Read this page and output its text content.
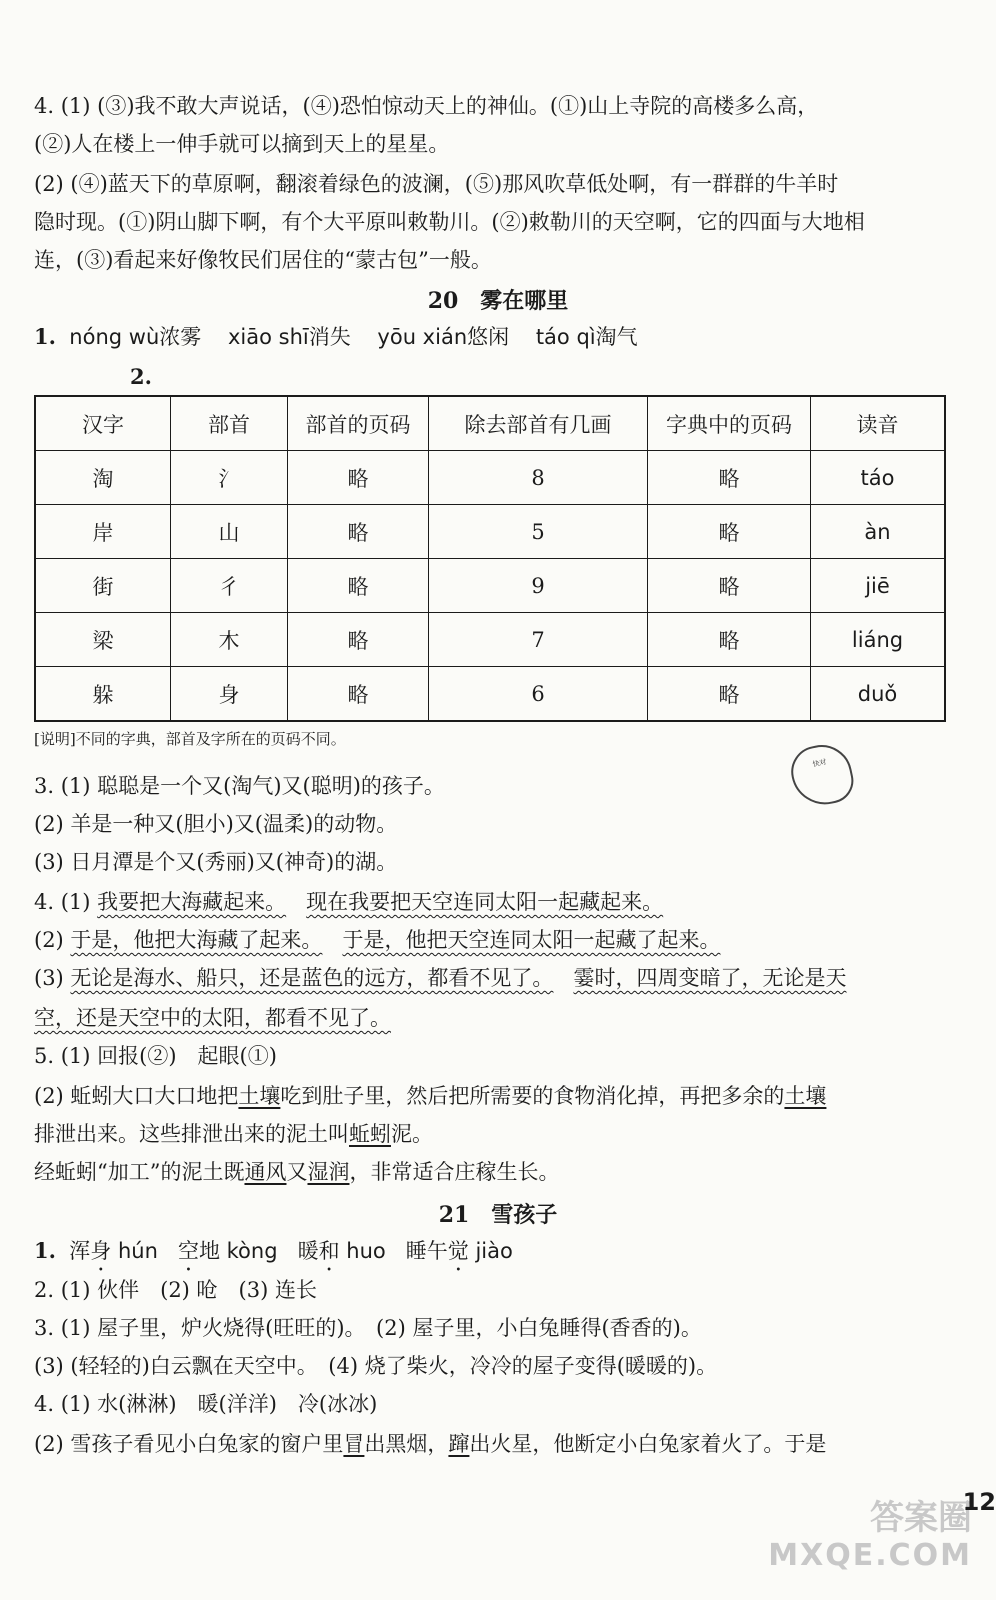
4. (1) (③)我不敢大声说话，(④)恐怕惊动天上的神仙。(①)山上寺院的高楼多么高，
(②)人在楼上一伸手就可以摘到天上的星星。
(2) (④)蓝天下的草原啊，翻滚着绿色的波澜，(⑤)那风吹草低处啊，有一群群的牛羊时
隐时现。(①)阴山脚下啊，有个大平原叫敕勒川。(②)敕勒川的天空啊，它的四面与大地相
连，(③)看起来好像牧民们居住的“蒙古包”一般。
20　雾在哪里
1. nóng wù浓雾 xiāo shī消失 yōu xián悠闲 táo qì淘气
2.
汉字	部首	部首的页码	除去部首有几画	字典中的页码	读音
淘	氵	略	8	略	táo
岸	山	略	5	略	àn
街	彳	略	9	略	jiē
梁	木	略	7	略	liáng
躲	身	略	6	略	duǒ
[说明]不同的字典，部首及字所在的页码不同。
快对
3. (1) 聪聪是一个又(淘气)又(聪明)的孩子。
(2) 羊是一种又(胆小)又(温柔)的动物。
(3) 日月潭是个又(秀丽)又(神奇)的湖。
4. (1) 我要把大海藏起来。 现在我要把天空连同太阳一起藏起来。
(2) 于是，他把大海藏了起来。 于是，他把天空连同太阳一起藏了起来。
(3) 无论是海水、船只，还是蓝色的远方，都看不见了。 霎时，四周变暗了，无论是天
空，还是天空中的太阳，都看不见了。
5. (1) 回报(②)　起眼(①)
(2) 蚯蚓大口大口地把土壤吃到肚子里，然后把所需要的食物消化掉，再把多余的土壤
排泄出来。这些排泄出来的泥土叫蚯蚓泥。
经蚯蚓“加工”的泥土既通风又湿润，非常适合庄稼生长。
21　雪孩子
1. 浑身 hún 空地 kòng 暖和 huo 睡午觉 jiào
2. (1) 伙伴　(2) 呛　(3) 连长
3. (1) 屋子里，炉火烧得(旺旺的)。　(2) 屋子里，小白兔睡得(香香的)。
(3) (轻轻的)白云飘在天空中。　(4) 烧了柴火，冷冷的屋子变得(暖暖的)。
4. (1) 水(淋淋)　暖(洋洋)　冷(冰冰)
(2) 雪孩子看见小白兔家的窗户里冒出黑烟，蹿出火星，他断定小白兔家着火了。于是
答案圈
MXQE.COM
12
